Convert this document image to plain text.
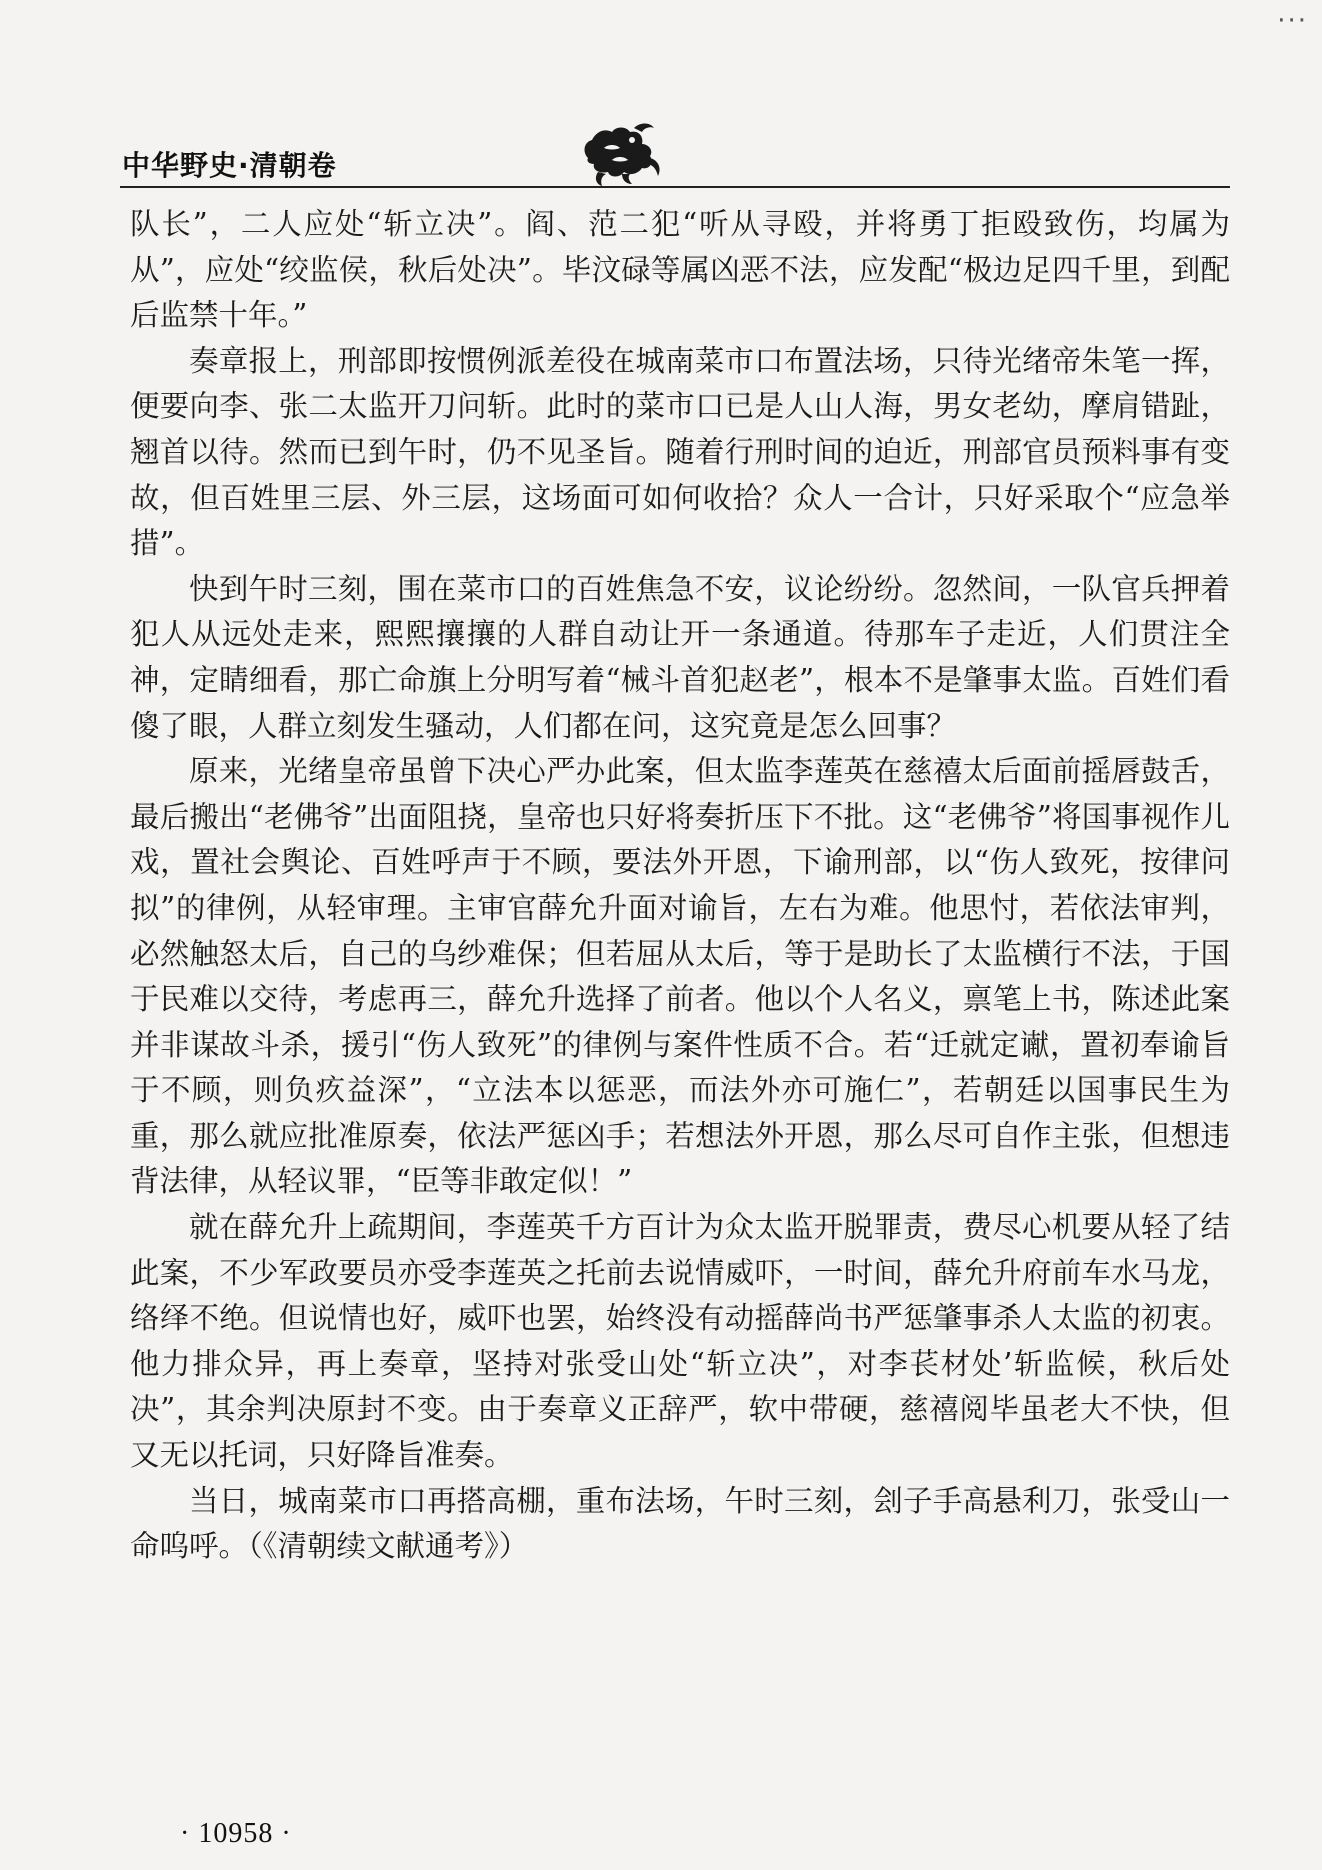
···
中华野史·清朝卷

队长”，二人应处“斩立决”。阎、范二犯“听从寻殴，并将勇丁拒殴致伤，均属为从”，应处“绞监侯，秋后处决”。毕汶碌等属凶恶不法，应发配“极边足四千里，到配后监禁十年。”

奏章报上，刑部即按惯例派差役在城南菜市口布置法场，只待光绪帝朱笔一挥，便要向李、张二太监开刀问斩。此时的菜市口已是人山人海，男女老幼，摩肩错趾，翘首以待。然而已到午时，仍不见圣旨。随着行刑时间的迫近，刑部官员预料事有变故，但百姓里三层、外三层，这场面可如何收拾？众人一合计，只好采取个“应急举措”。

快到午时三刻，围在菜市口的百姓焦急不安，议论纷纷。忽然间，一队官兵押着犯人从远处走来，熙熙攘攘的人群自动让开一条通道。待那车子走近，人们贯注全神，定睛细看，那亡命旗上分明写着“械斗首犯赵老”，根本不是肇事太监。百姓们看傻了眼，人群立刻发生骚动，人们都在问，这究竟是怎么回事？

原来，光绪皇帝虽曾下决心严办此案，但太监李莲英在慈禧太后面前摇唇鼓舌，最后搬出“老佛爷”出面阻挠，皇帝也只好将奏折压下不批。这“老佛爷”将国事视作儿戏，置社会舆论、百姓呼声于不顾，要法外开恩，下谕刑部，以“伤人致死，按律问拟”的律例，从轻审理。主审官薛允升面对谕旨，左右为难。他思忖，若依法审判，必然触怒太后，自己的乌纱难保；但若屈从太后，等于是助长了太监横行不法，于国于民难以交待，考虑再三，薛允升选择了前者。他以个人名义，禀笔上书，陈述此案并非谋故斗杀，援引“伤人致死”的律例与案件性质不合。若“迁就定谳，置初奉谕旨于不顾，则负疚益深”，“立法本以惩恶，而法外亦可施仁”，若朝廷以国事民生为重，那么就应批准原奏，依法严惩凶手；若想法外开恩，那么尽可自作主张，但想违背法律，从轻议罪，“臣等非敢定似！”

就在薛允升上疏期间，李莲英千方百计为众太监开脱罪责，费尽心机要从轻了结此案，不少军政要员亦受李莲英之托前去说情威吓，一时间，薛允升府前车水马龙，络绎不绝。但说情也好，威吓也罢，始终没有动摇薛尚书严惩肇事杀人太监的初衷。他力排众异，再上奏章，坚持对张受山处“斩立决”，对李苌材处’斩监候，秋后处决”，其余判决原封不变。由于奏章义正辞严，软中带硬，慈禧阅毕虽老大不快，但又无以托词，只好降旨准奏。

当日，城南菜市口再搭高棚，重布法场，午时三刻，刽子手高悬利刀，张受山一命呜呼。（《清朝续文献通考》）

· 10958 ·
